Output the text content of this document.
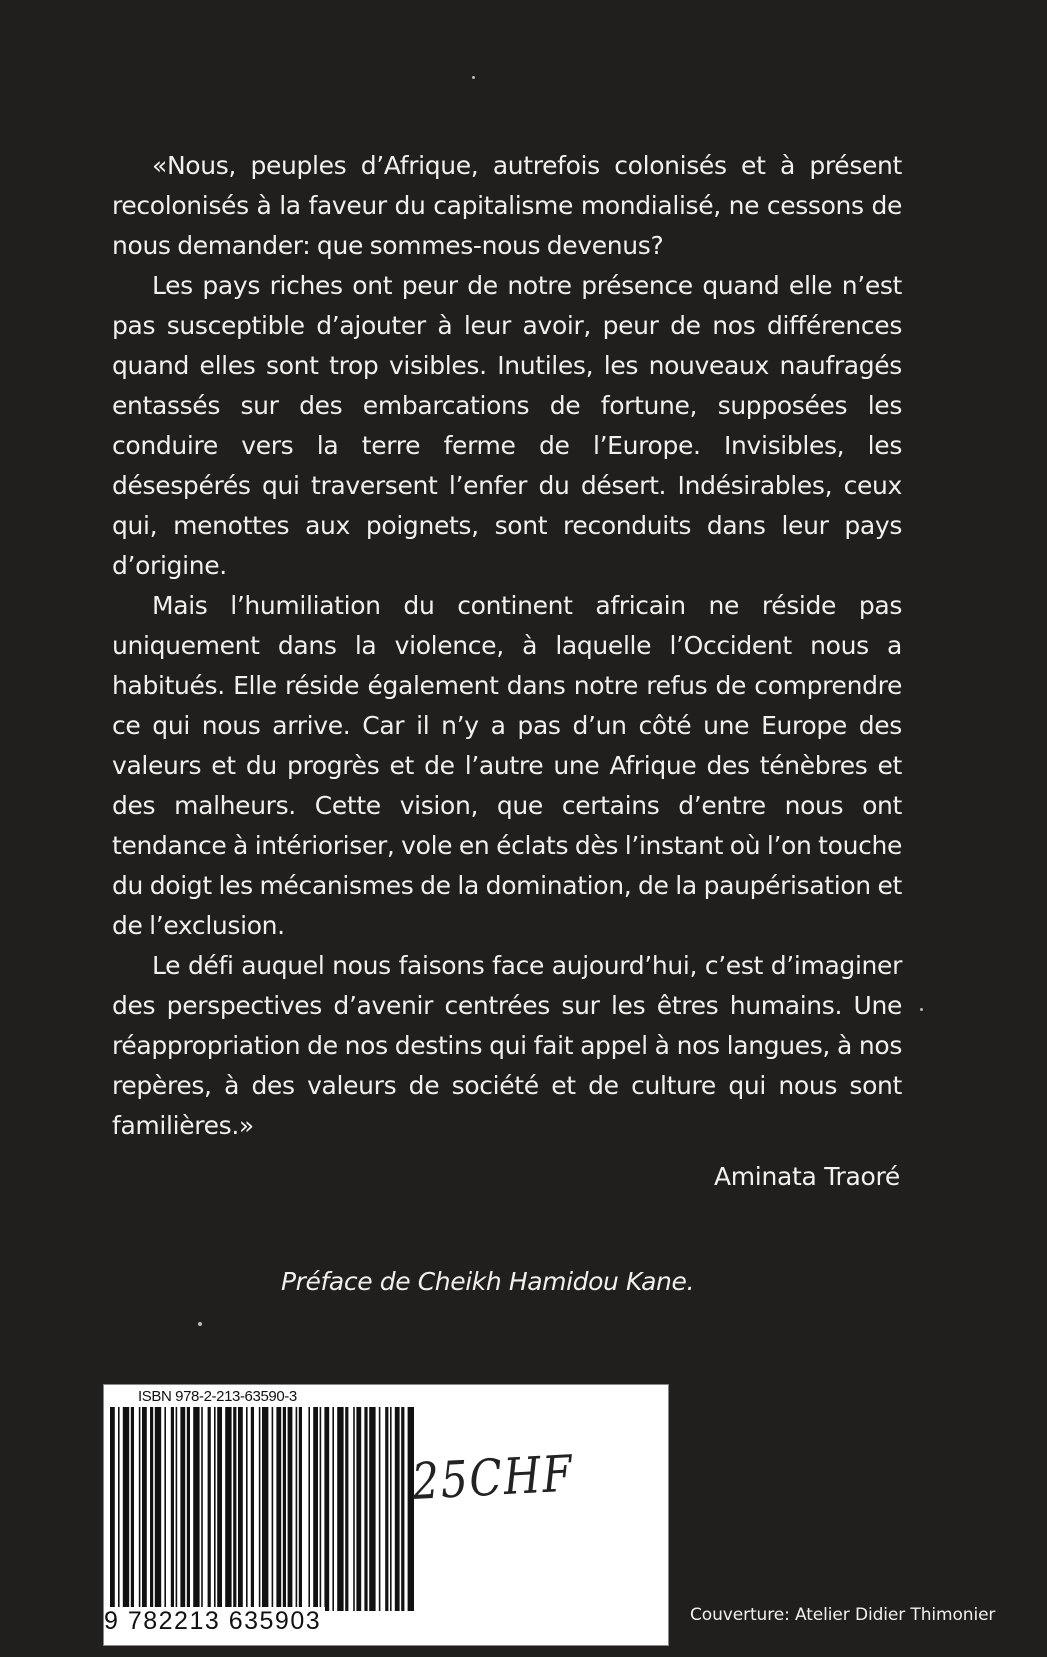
«Nous, peuples d’Afrique, autrefois colonisés et à présent recolonisés à la faveur du capitalisme mondialisé, ne cessons de nous demander: que sommes-nous devenus?

Les pays riches ont peur de notre présence quand elle n’est pas susceptible d’ajouter à leur avoir, peur de nos différences quand elles sont trop visibles. Inutiles, les nouveaux naufragés entassés sur des embarcations de fortune, supposées les conduire vers la terre ferme de l’Europe. Invisibles, les désespérés qui traversent l’enfer du désert. Indésirables, ceux qui, menottes aux poignets, sont reconduits dans leur pays d’origine.

Mais l’humiliation du continent africain ne réside pas uniquement dans la violence, à laquelle l’Occident nous a habitués. Elle réside également dans notre refus de comprendre ce qui nous arrive. Car il n’y a pas d’un côté une Europe des valeurs et du progrès et de l’autre une Afrique des ténèbres et des malheurs. Cette vision, que certains d’entre nous ont tendance à intérioriser, vole en éclats dès l’instant où l’on touche du doigt les mécanismes de la domination, de la paupérisation et de l’exclusion.

Le défi auquel nous faisons face aujourd’hui, c’est d’imaginer des perspectives d’avenir centrées sur les êtres humains. Une réappropriation de nos destins qui fait appel à nos langues, à nos repères, à des valeurs de société et de culture qui nous sont familières.»

Aminata Traoré
Préface de Cheikh Hamidou Kane.
ISBN 978-2-213-63590-3
9 782213 635903
25CHF
Couverture: Atelier Didier Thimonier
